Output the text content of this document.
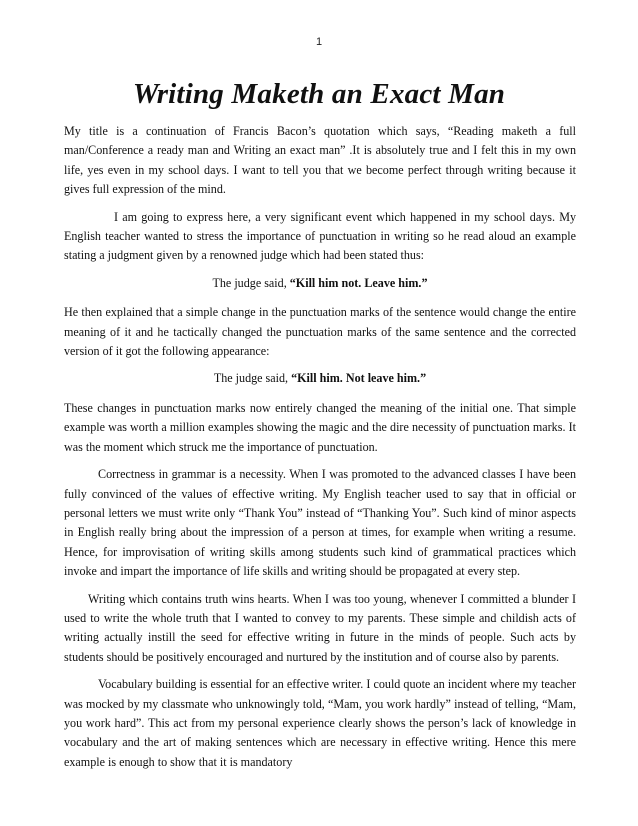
1
Writing Maketh an Exact Man

My title is a continuation of Francis Bacon’s quotation which says, “Reading maketh a full man/Conference a ready man and Writing an exact man” .It is absolutely true and I felt this in my own life, yes even in my school days. I want to tell you that we become perfect through writing because it gives full expression of the mind.

I am going to express here, a very significant event which happened in my school days. My English teacher wanted to stress the importance of punctuation in writing so he read aloud an example stating a judgment given by a renowned judge which had been stated thus:

The judge said, “Kill him not. Leave him.”

He then explained that a simple change in the punctuation marks of the sentence would change the entire meaning of it and he tactically changed the punctuation marks of the same sentence and the corrected version of it got the following appearance:

The judge said, “Kill him. Not leave him.”

These changes in punctuation marks now entirely changed the meaning of the initial one. That simple example was worth a million examples showing the magic and the dire necessity of punctuation marks. It was the moment which struck me the importance of punctuation.

Correctness in grammar is a necessity. When I was promoted to the advanced classes I have been fully convinced of the values of effective writing. My English teacher used to say that in official or personal letters we must write only “Thank You” instead of “Thanking You”. Such kind of minor aspects in English really bring about the impression of a person at times, for example when writing a resume. Hence, for improvisation of writing skills among students such kind of grammatical practices which invoke and impart the importance of life skills and writing should be propagated at every step.

Writing which contains truth wins hearts. When I was too young, whenever I committed a blunder I used to write the whole truth that I wanted to convey to my parents. These simple and childish acts of writing actually instill the seed for effective writing in future in the minds of people. Such acts by students should be positively encouraged and nurtured by the institution and of course also by parents.

Vocabulary building is essential for an effective writer. I could quote an incident where my teacher was mocked by my classmate who unknowingly told, “Mam, you work hardly” instead of telling, “Mam, you work hard”. This act from my personal experience clearly shows the person’s lack of knowledge in vocabulary and the art of making sentences which are necessary in effective writing. Hence this mere example is enough to show that it is mandatory
